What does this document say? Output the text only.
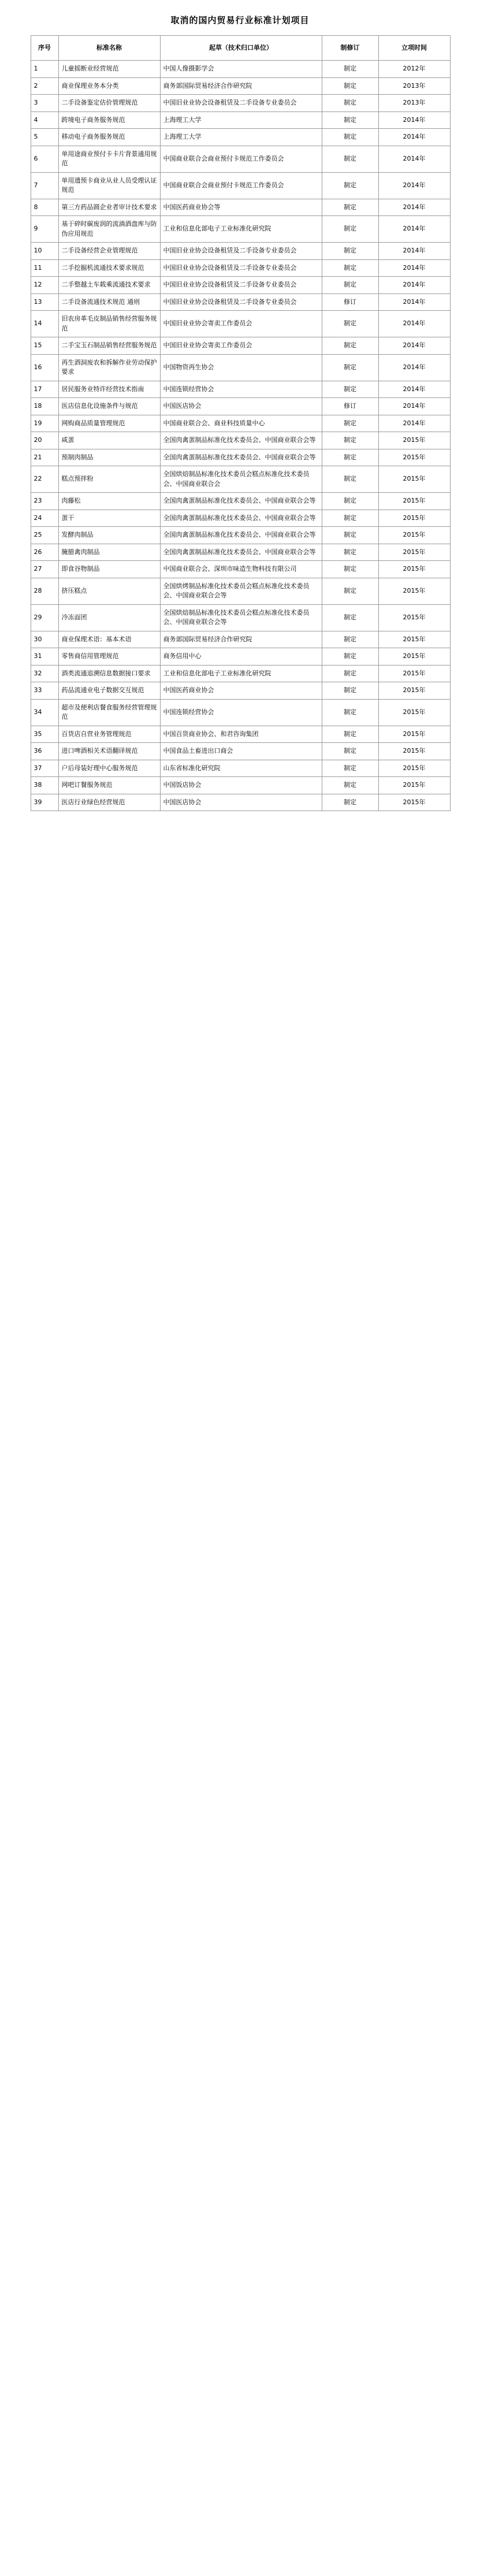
取消的国内贸易行业标准计划项目
序号	标准名称	起草（技术归口单位）	制修订	立项时间
1	儿童摇断业经营规范	中国人像摄影学会	制定	2012年
2	商业保理业务本分类	商务部国际贸易经济合作研究院	制定	2013年
3	二手设备鉴定估价管理规范	中国旧业业协会设备租赁及二手设备专业委员会	制定	2013年
4	跨境电子商务服务规范	上海理工大学	制定	2014年
5	移动电子商务服务规范	上海理工大学	制定	2014年
6	单用途商业预付卡卡片背景通用规范	中国商业联合会商业预付卡规范工作委员会	制定	2014年
7	单用遗预卡商业从业人员受理认证规范	中国商业联合会商业预付卡规范工作委员会	制定	2014年
8	第三方药品圆企业者审计技术要求	中国医药商业协会等	制定	2014年
9	基于碎时碳废润的流淌酒盘库与防伪应用规范	工业和信息化部电子工业标准化研究院	制定	2014年
10	二手设备经营企业管理规范	中国旧业业协会设备租赁及二手设备专业委员会	制定	2014年
11	二手挖掘机流通技术要求规范	中国旧业业协会设备租赁及二手设备专业委员会	制定	2014年
12	二手整越土车载乘流通技术要求	中国旧业业协会设备租赁及二手设备专业委员会	制定	2014年
13	二手设备流通技术规范 通则	中国旧业业协会设备租赁及二手设备专业委员会	修订	2014年
14	旧农房革毛皮制品销售经营服务规范	中国旧业业协会寄卖工作委员会	制定	2014年
15	二手宝玉石制品销售经营服务规范	中国旧业业协会寄卖工作委员会	制定	2014年
16	再生酒洞废农和拆解作业劳动保护要求	中国物资再生协会	制定	2014年
17	居民服务业特许经营技术指南	中国连锁经营协会	制定	2014年
18	医店信息化设施条件与规范	中国医店协会	修订	2014年
19	网购商品质量管理规范	中国商业联合会、商业科技质量中心	制定	2014年
20	咸蛋	全国肉禽蛋制品标准化技术委员会、中国商业联合会等	制定	2015年
21	预制肉制品	全国肉禽蛋制品标准化技术委员会、中国商业联合会等	制定	2015年
22	糕点预拌粉	全国烘焙制品标准化技术委员会糕点标准化技术委员会、中国商业联合会	制定	2015年
23	肉藤松	全国肉禽蛋制品标准化技术委员会、中国商业联合会等	制定	2015年
24	蛋干	全国肉禽蛋制品标准化技术委员会、中国商业联合会等	制定	2015年
25	发酵肉制品	全国肉禽蛋制品标准化技术委员会、中国商业联合会等	制定	2015年
26	腌腊禽肉制品	全国肉禽蛋制品标准化技术委员会、中国商业联合会等	制定	2015年
27	即食谷物制品	中国商业联合会、深圳市味造生物科技有限公司	制定	2015年
28	挤压糕点	全国烘烤制品标准化技术委员会糕点标准化技术委员会、中国商业联合会等	制定	2015年
29	冷冻面团	全国烘焙制品标准化技术委员会糕点标准化技术委员会、中国商业联合会等	制定	2015年
30	商业保理术语：基本术语	商务部国际贸易经济合作研究院	制定	2015年
31	零售商信用管理规范	商务信用中心	制定	2015年
32	酒类流通追溯信息数据接口要求	工业和信息化部电子工业标准化研究院	制定	2015年
33	药品流通业电子数据交互规范	中国医药商业协会	制定	2015年
34	超市及便利店餐食服务经营管理规范	中国连锁经营协会	制定	2015年
35	百货店自营业务管理规范	中国百货商业协会、和君咨询集团	制定	2015年
36	进口啤酒相关术语翻译规范	中国食品土畜进出口商会	制定	2015年
37	户后母装好理中心服务规范	山东省标准化研究院	制定	2015年
38	网吧订餐服务规范	中国饭店协会	制定	2015年
39	医店行业绿色经营规范	中国医店协会	制定	2015年
